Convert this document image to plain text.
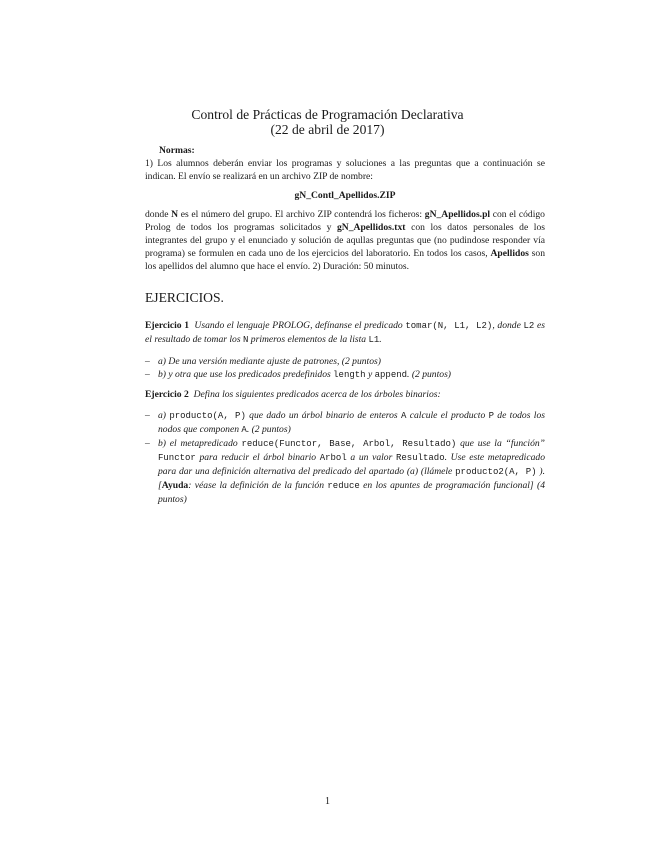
Control de Prácticas de Programación Declarativa
(22 de abril de 2017)

Normas:

1) Los alumnos deberán enviar los programas y soluciones a las preguntas que a continuación se indican. El envío se realizará en un archivo ZIP de nombre:

gN_Contl_Apellidos.ZIP

donde N es el número del grupo. El archivo ZIP contendrá los ficheros: gN_Apellidos.pl con el código Prolog de todos los programas solicitados y gN_Apellidos.txt con los datos personales de los integrantes del grupo y el enunciado y solución de aqullas preguntas que (no pudindose responder vía programa) se formulen en cada uno de los ejercicios del laboratorio. En todos los casos, Apellidos son los apellidos del alumno que hace el envío. 2) Duración: 50 minutos.

EJERCICIOS.

Ejercicio 1 Usando el lenguaje PROLOG, defínanse el predicado tomar(N, L1, L2), donde L2 es el resultado de tomar los N primeros elementos de la lista L1.

– a) De una versión mediante ajuste de patrones, (2 puntos)
– b) y otra que use los predicados predefinidos length y append. (2 puntos)

Ejercicio 2 Defina los siguientes predicados acerca de los árboles binarios:

– a) producto(A, P) que dado un árbol binario de enteros A calcule el producto P de todos los nodos que componen A. (2 puntos)
– b) el metapredicado reduce(Functor, Base, Arbol, Resultado) que use la “función” Functor para reducir el árbol binario Arbol a un valor Resultado. Use este metapredicado para dar una definición alternativa del predicado del apartado (a) (llámele producto2(A, P) ). [Ayuda: véase la definición de la función reduce en los apuntes de programación funcional] (4 puntos)
1
